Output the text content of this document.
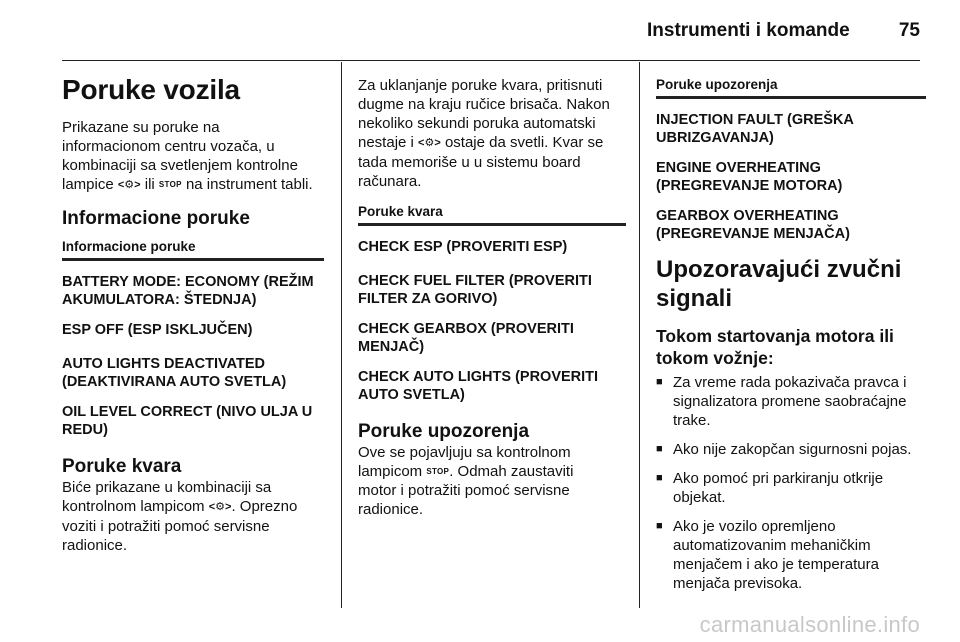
Instrumenti i komande	75
Poruke vozila

Prikazane su poruke na
informacionom centru vozača, u
kombinaciji sa svetlenjem kontrolne
lampice <⚙> ili STOP na instrument tabli.

Informacione poruke
Informacione poruke
BATTERY MODE: ECONOMY (REŽIM AKUMULATORA: ŠTEDNJA)
ESP OFF (ESP ISKLJUČEN)
AUTO LIGHTS DEACTIVATED (DEAKTIVIRANA AUTO SVETLA)
OIL LEVEL CORRECT (NIVO ULJA U REDU)
Poruke kvara

Biće prikazane u kombinaciji sa
kontrolnom lampicom <⚙>. Oprezno
voziti i potražiti pomoć servisne
radionice.

Za uklanjanje poruke kvara, pritisnuti
dugme na kraju ručice brisača. Nakon
nekoliko sekundi poruka automatski
nestaje i <⚙> ostaje da svetli. Kvar se
tada memoriše u u sistemu board
računara.

Poruke kvara
CHECK ESP (PROVERITI ESP)
CHECK FUEL FILTER (PROVERITI FILTER ZA GORIVO)
CHECK GEARBOX (PROVERITI MENJAČ)
CHECK AUTO LIGHTS (PROVERITI AUTO SVETLA)
Poruke upozorenja

Ove se pojavljuju sa kontrolnom
lampicom STOP. Odmah zaustaviti
motor i potražiti pomoć servisne
radionice.

Poruke upozorenja
INJECTION FAULT (GREŠKA UBRIZGAVANJA)
ENGINE OVERHEATING (PREGREVANJE MOTORA)
GEARBOX OVERHEATING (PREGREVANJE MENJAČA)
Upozoravajući zvučni signali
Tokom startovanja motora ili tokom vožnje:
■ Za vreme rada pokazivača pravca i signalizatora promene saobraćajne trake.
■ Ako nije zakopčan sigurnosni pojas.
■ Ako pomoć pri parkiranju otkrije objekat.
■ Ako je vozilo opremljeno automatizovanim mehaničkim menjačem i ako je temperatura menjača previsoka.
carmanualsonline.info
